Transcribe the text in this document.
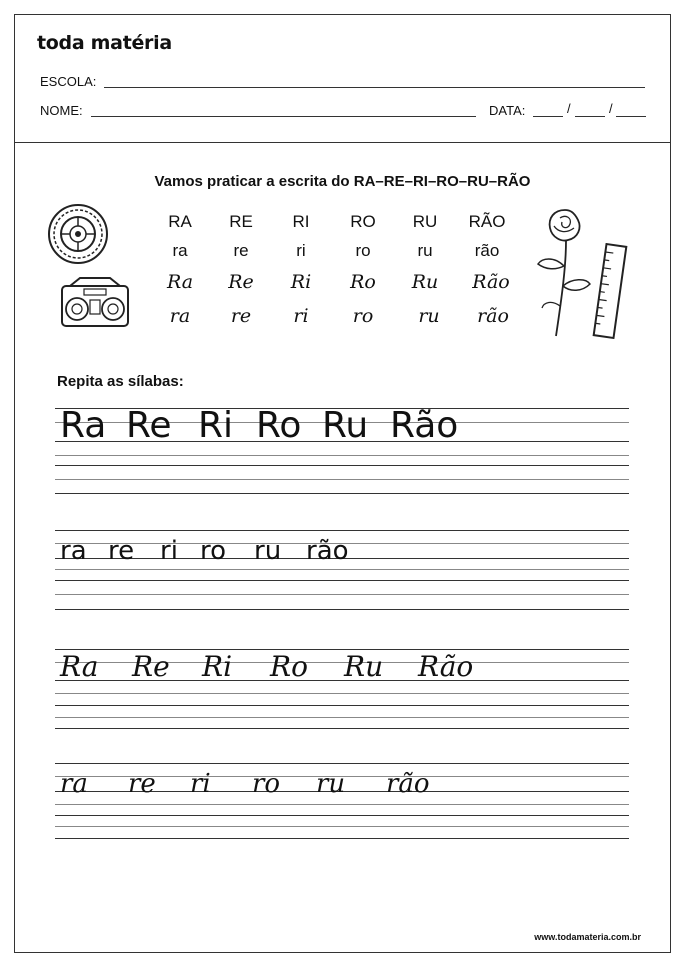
toda matéria
ESCOLA:
NOME:	DATA:	/	/
Vamos praticar a escrita do RA–RE–RI–RO–RU–RÃO
RA	RE	RI	RO	RU	RÃO
ra	re	ri	ro	ru	rão
Ra	Re	Ri	Ro	Ru	Rão
ra	re	ri	ro	ru	rão
Repita as sílabas:
Ra Re Ri Ro Ru Rão
ra re ri ro ru rão
Ra Re Ri Ro Ru Rão
ra re ri ro ru rão
www.todamateria.com.br
